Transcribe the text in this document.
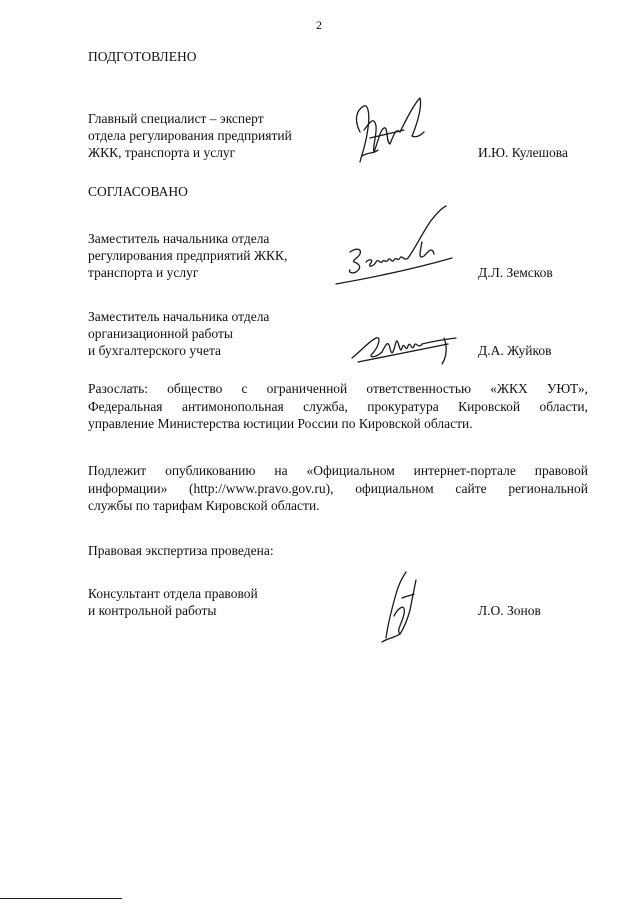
2
ПОДГОТОВЛЕНО
Главный специалист – эксперт
отдела регулирования предприятий
ЖКК, транспорта и услуг	И.Ю. Кулешова
СОГЛАСОВАНО
Заместитель начальника отдела
регулирования предприятий ЖКК,
транспорта и услуг	Д.Л. Земсков
Заместитель начальника отдела
организационной работы
и бухгалтерского учета	Д.А. Жуйков
Разослать: общество с ограниченной ответственностью «ЖКХ УЮТ»,
Федеральная антимонопольная служба, прокуратура Кировской области,
управление Министерства юстиции России по Кировской области.
Подлежит опубликованию на «Официальном интернет-портале правовой
информации» (http://www.pravo.gov.ru), официальном сайте региональной
службы по тарифам Кировской области.
Правовая экспертиза проведена:
Консультант отдела правовой
и контрольной работы	Л.О. Зонов
